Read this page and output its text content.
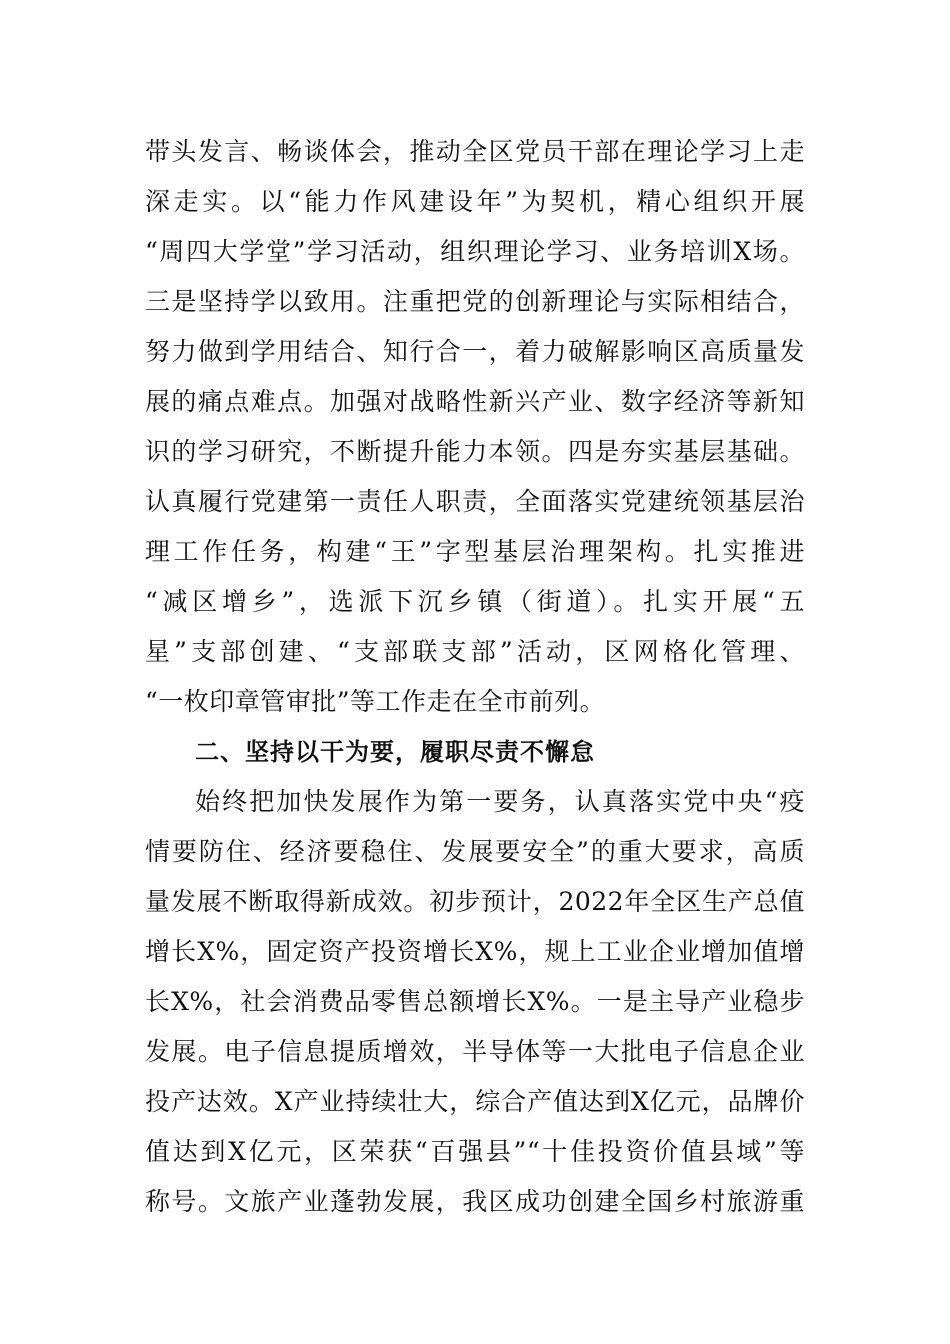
带头发言、畅谈体会，推动全区党员干部在理论学习上走
深走实。以“能力作风建设年”为契机，精心组织开展
“周四大学堂”学习活动，组织理论学习、业务培训X场。
三是坚持学以致用。注重把党的创新理论与实际相结合，
努力做到学用结合、知行合一，着力破解影响区高质量发
展的痛点难点。加强对战略性新兴产业、数字经济等新知
识的学习研究，不断提升能力本领。四是夯实基层基础。
认真履行党建第一责任人职责，全面落实党建统领基层治
理工作任务，构建“王”字型基层治理架构。扎实推进
“减区增乡”，选派下沉乡镇（街道）。扎实开展“五
星”支部创建、“支部联支部”活动，区网格化管理、
“一枚印章管审批”等工作走在全市前列。
二、坚持以干为要，履职尽责不懈怠
始终把加快发展作为第一要务，认真落实党中央“疫
情要防住、经济要稳住、发展要安全”的重大要求，高质
量发展不断取得新成效。初步预计，2022年全区生产总值
增长X%，固定资产投资增长X%，规上工业企业增加值增
长X%，社会消费品零售总额增长X%。一是主导产业稳步
发展。电子信息提质增效，半导体等一大批电子信息企业
投产达效。X产业持续壮大，综合产值达到X亿元，品牌价
值达到X亿元，区荣获“百强县”“十佳投资价值县域”等
称号。文旅产业蓬勃发展，我区成功创建全国乡村旅游重
